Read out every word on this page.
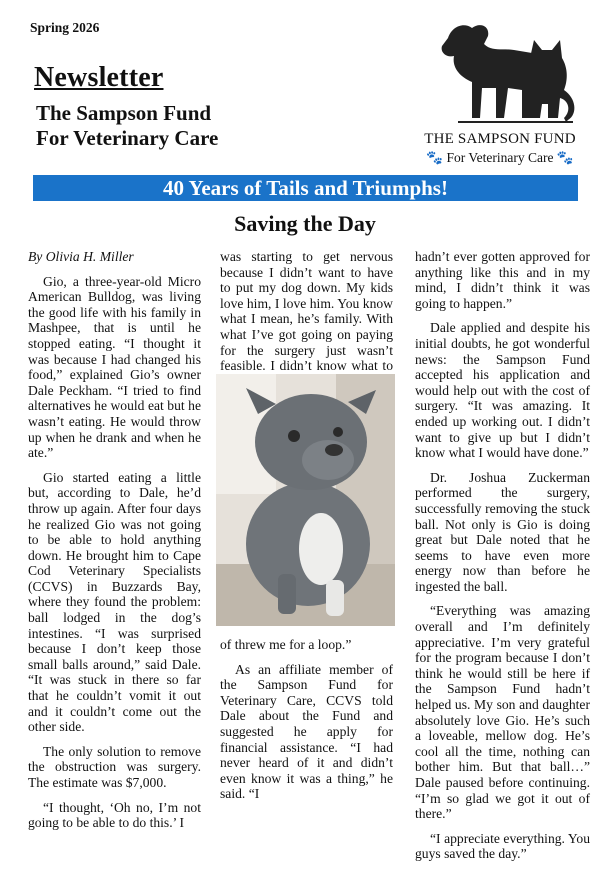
Spring 2026
Newsletter
The Sampson Fund
For Veterinary Care	THE SAMPSON FUND
🐾 For Veterinary Care 🐾
40 Years of Tails and Triumphs!
Saving the Day
By Olivia H. Miller

Gio, a three-year-old Micro American Bulldog, was living the good life with his family in Mashpee, that is until he stopped eating. “I thought it was because I had changed his food,” explained Gio’s owner Dale Peckham. “I tried to find alternatives he would eat but he wasn’t eating. He would throw up when he drank and when he ate.”

Gio started eating a little but, according to Dale, he’d throw up again. After four days he realized Gio was not going to be able to hold anything down. He brought him to Cape Cod Veterinary Specialists (CCVS) in Buzzards Bay, where they found the problem: ball lodged in the dog’s intestines. “I was surprised because I don’t keep those small balls around,” said Dale. “It was stuck in there so far that he couldn’t vomit it out and it couldn’t come out the other side.

The only solution to remove the obstruction was surgery. The estimate was $7,000.

“I thought, ‘Oh no, I’m not going to be able to do this.’ I

was starting to get nervous because I didn’t want to have to put my dog down. My kids love him, I love him. You know what I mean, he’s family. With what I’ve got going on paying for the surgery just wasn’t feasible. I didn’t know what to

of threw me for a loop.”

As an affiliate member of the Sampson Fund for Veterinary Care, CCVS told Dale about the Fund and suggested he apply for financial assistance. “I had never heard of it and didn’t even know it was a thing,” he said. “I

hadn’t ever gotten approved for anything like this and in my mind, I didn’t think it was going to happen.”

Dale applied and despite his initial doubts, he got wonderful news: the Sampson Fund accepted his application and would help out with the cost of surgery. “It was amazing. It ended up working out. I didn’t want to give up but I didn’t know what I would have done.”

Dr. Joshua Zuckerman performed the surgery, successfully removing the stuck ball. Not only is Gio is doing great but Dale noted that he seems to have even more energy now than before he ingested the ball.

“Everything was amazing overall and I’m definitely appreciative. I’m very grateful for the program because I don’t think he would still be here if the Sampson Fund hadn’t helped us. My son and daughter absolutely love Gio. He’s such a loveable, mellow dog. He’s cool all the time, nothing can bother him. But that ball…” Dale paused before continuing. “I’m so glad we got it out of there.”

“I appreciate everything. You guys saved the day.”
